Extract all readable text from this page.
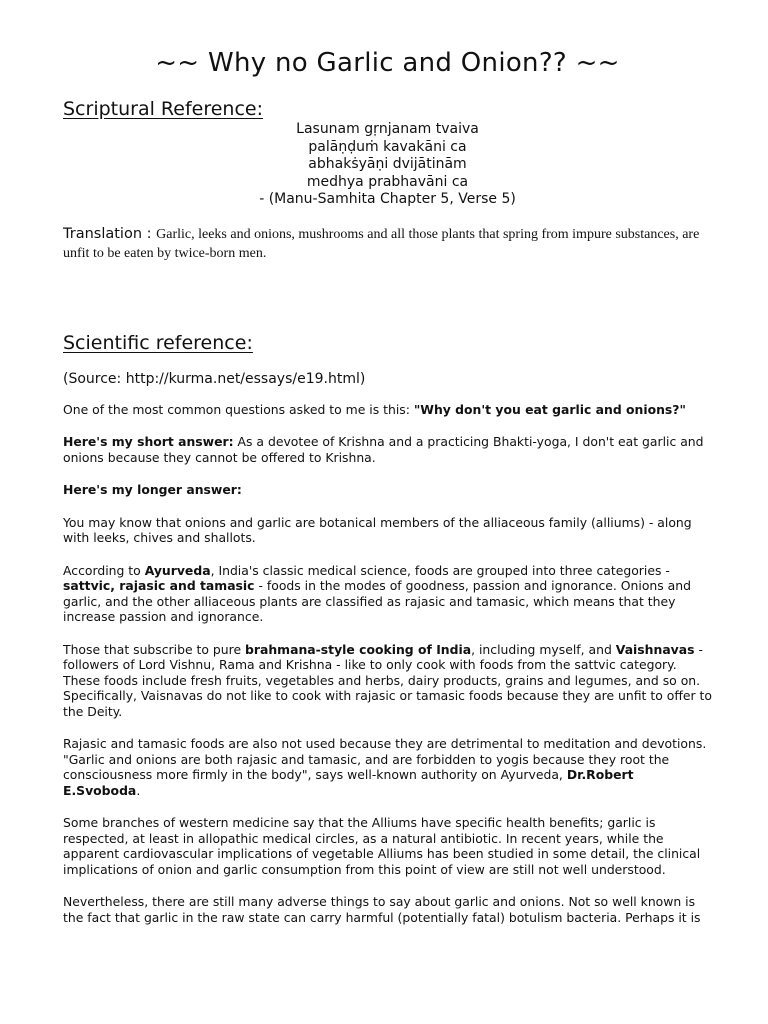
~~ Why no Garlic and Onion?? ~~
Scriptural Reference:
Lasunam gṛnjanam tvaiva
palāṇḍuṁ kavakāni ca
abhakṡyāṇi dvijātinām
medhya prabhavāni ca
- (Manu-Samhita Chapter 5, Verse 5)
Translation : Garlic, leeks and onions, mushrooms and all those plants that spring from impure substances, are unfit to be eaten by twice-born men.
Scientific reference:
(Source: http://kurma.net/essays/e19.html)

One of the most common questions asked to me is this: "Why don't you eat garlic and onions?"

Here's my short answer: As a devotee of Krishna and a practicing Bhakti-yoga, I don't eat garlic and onions because they cannot be offered to Krishna.

Here's my longer answer:

You may know that onions and garlic are botanical members of the alliaceous family (alliums) - along with leeks, chives and shallots.

According to Ayurveda, India's classic medical science, foods are grouped into three categories - sattvic, rajasic and tamasic - foods in the modes of goodness, passion and ignorance. Onions and garlic, and the other alliaceous plants are classified as rajasic and tamasic, which means that they increase passion and ignorance.

Those that subscribe to pure brahmana-style cooking of India, including myself, and Vaishnavas - followers of Lord Vishnu, Rama and Krishna - like to only cook with foods from the sattvic category. These foods include fresh fruits, vegetables and herbs, dairy products, grains and legumes, and so on. Specifically, Vaisnavas do not like to cook with rajasic or tamasic foods because they are unfit to offer to the Deity.

Rajasic and tamasic foods are also not used because they are detrimental to meditation and devotions. "Garlic and onions are both rajasic and tamasic, and are forbidden to yogis because they root the consciousness more firmly in the body", says well-known authority on Ayurveda, Dr.Robert E.Svoboda.

Some branches of western medicine say that the Alliums have specific health benefits; garlic is respected, at least in allopathic medical circles, as a natural antibiotic. In recent years, while the apparent cardiovascular implications of vegetable Alliums has been studied in some detail, the clinical implications of onion and garlic consumption from this point of view are still not well understood.

Nevertheless, there are still many adverse things to say about garlic and onions. Not so well known is the fact that garlic in the raw state can carry harmful (potentially fatal) botulism bacteria. Perhaps it is
